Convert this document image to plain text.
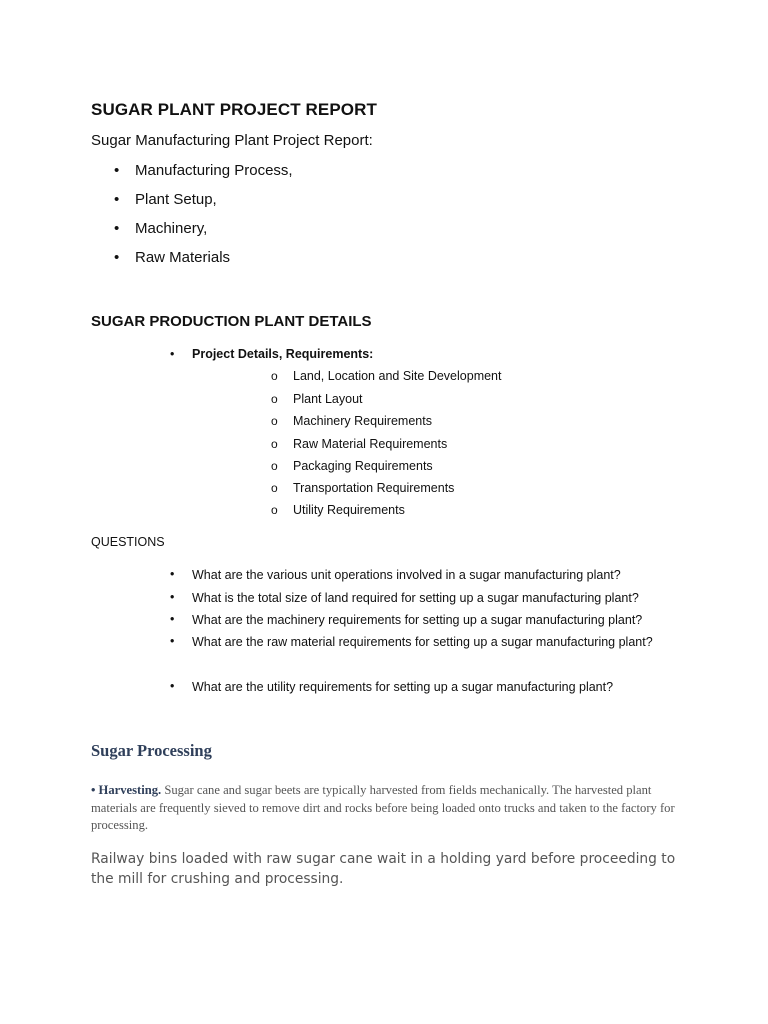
SUGAR PLANT PROJECT REPORT

Sugar Manufacturing Plant Project Report:

• Manufacturing Process,
• Plant Setup,
• Machinery,
• Raw Materials
SUGAR PRODUCTION PLANT DETAILS
• Project Details, Requirements:
o Land, Location and Site Development
o Plant Layout
o Machinery Requirements
o Raw Material Requirements
o Packaging Requirements
o Transportation Requirements
o Utility Requirements

QUESTIONS

• What are the various unit operations involved in a sugar manufacturing plant?
• What is the total size of land required for setting up a sugar manufacturing plant?
• What are the machinery requirements for setting up a sugar manufacturing plant?
• What are the raw material requirements for setting up a sugar manufacturing plant?
• What are the utility requirements for setting up a sugar manufacturing plant?
Sugar Processing

• Harvesting. Sugar cane and sugar beets are typically harvested from fields mechanically. The harvested plant materials are frequently sieved to remove dirt and rocks before being loaded onto trucks and taken to the factory for processing.

Railway bins loaded with raw sugar cane wait in a holding yard before proceeding to the mill for crushing and processing.
